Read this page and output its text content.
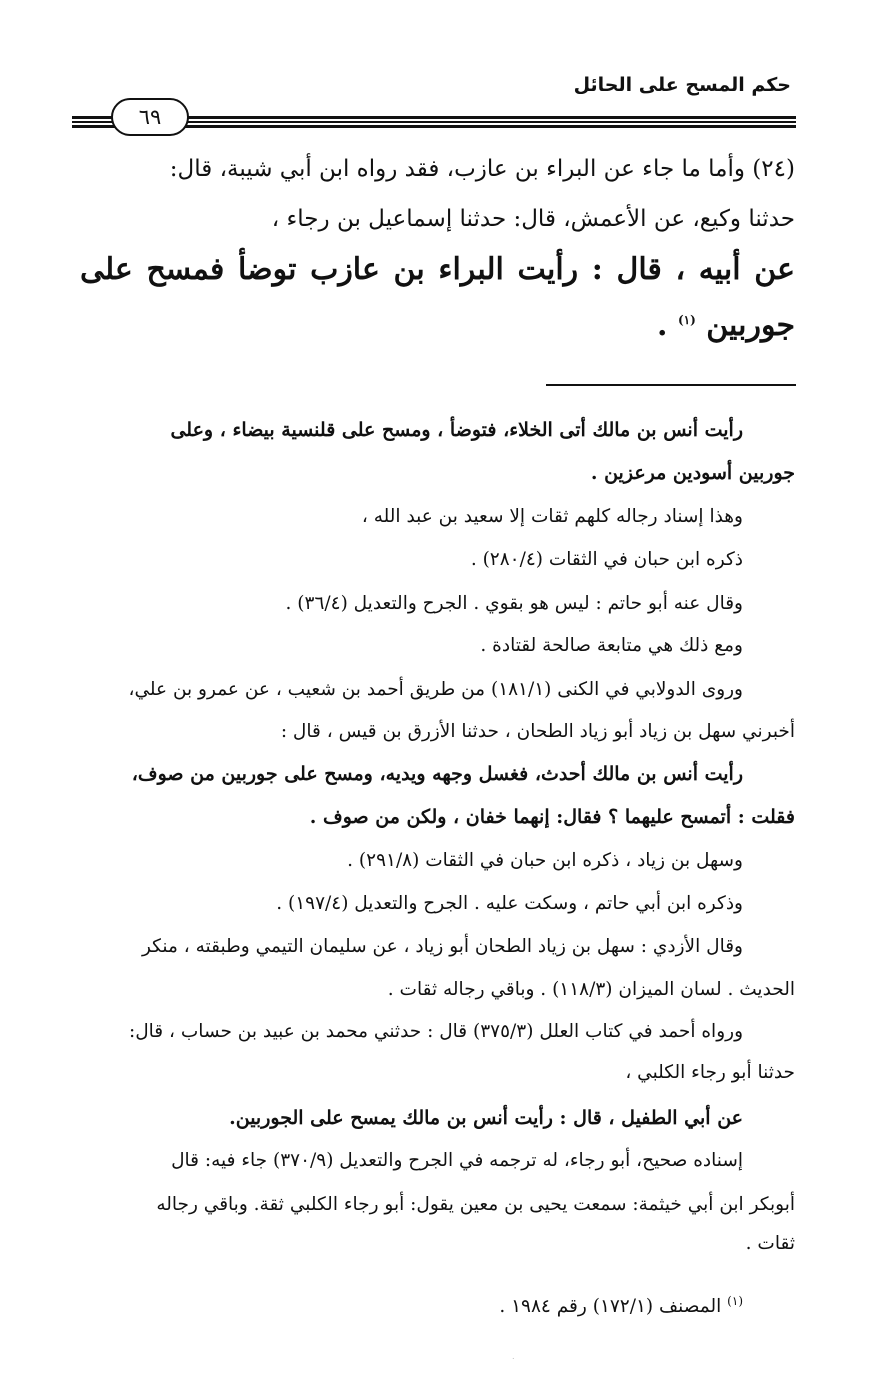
حكم المسح على الحائل
٦٩
(٢٤) وأما ما جاء عن البراء بن عازب، فقد رواه ابن أبي شيبة، قال:
حدثنا وكيع، عن الأعمش، قال: حدثنا إسماعيل بن رجاء ،
عن أبيه ، قال : رأيت البراء بن عازب توضأ فمسح على
جوربين $^{(١)}$ .
رأيت أنس بن مالك أتى الخلاء، فتوضأ ، ومسح على قلنسية بيضاء ، وعلى
جوربين أسودين مرعزين .
وهذا إسناد رجاله كلهم ثقات إلا سعيد بن عبد الله ،
ذكره ابن حبان في الثقات (٢٨٠/٤) .
وقال عنه أبو حاتم : ليس هو بقوي . الجرح والتعديل (٣٦/٤) .
ومع ذلك هي متابعة صالحة لقتادة .
وروى الدولابي في الكنى (١٨١/١) من طريق أحمد بن شعيب ، عن عمرو بن علي،
أخبرني سهل بن زياد أبو زياد الطحان ، حدثنا الأزرق بن قيس ، قال :
رأيت أنس بن مالك أحدث، فغسل وجهه ويديه، ومسح على جوربين من صوف،
فقلت : أتمسح عليهما ؟ فقال: إنهما خفان ، ولكن من صوف .
وسهل بن زياد ، ذكره ابن حبان في الثقات (٢٩١/٨) .
وذكره ابن أبي حاتم ، وسكت عليه . الجرح والتعديل (١٩٧/٤) .
وقال الأزدي : سهل بن زياد الطحان أبو زياد ، عن سليمان التيمي وطبقته ، منكر
الحديث . لسان الميزان (١١٨/٣) . وباقي رجاله ثقات .
ورواه أحمد في كتاب العلل (٣٧٥/٣) قال : حدثني محمد بن عبيد بن حساب ، قال:
حدثنا أبو رجاء الكلبي ،
عن أبي الطفيل ، قال : رأيت أنس بن مالك يمسح على الجوربين.
إسناده صحيح، أبو رجاء، له ترجمه في الجرح والتعديل (٣٧٠/٩) جاء فيه: قال
أبوبكر ابن أبي خيثمة: سمعت يحيى بن معين يقول: أبو رجاء الكلبي ثقة. وباقي رجاله
ثقات .
$^{(١)}$ المصنف (١٧٢/١) رقم ١٩٨٤ .
.
